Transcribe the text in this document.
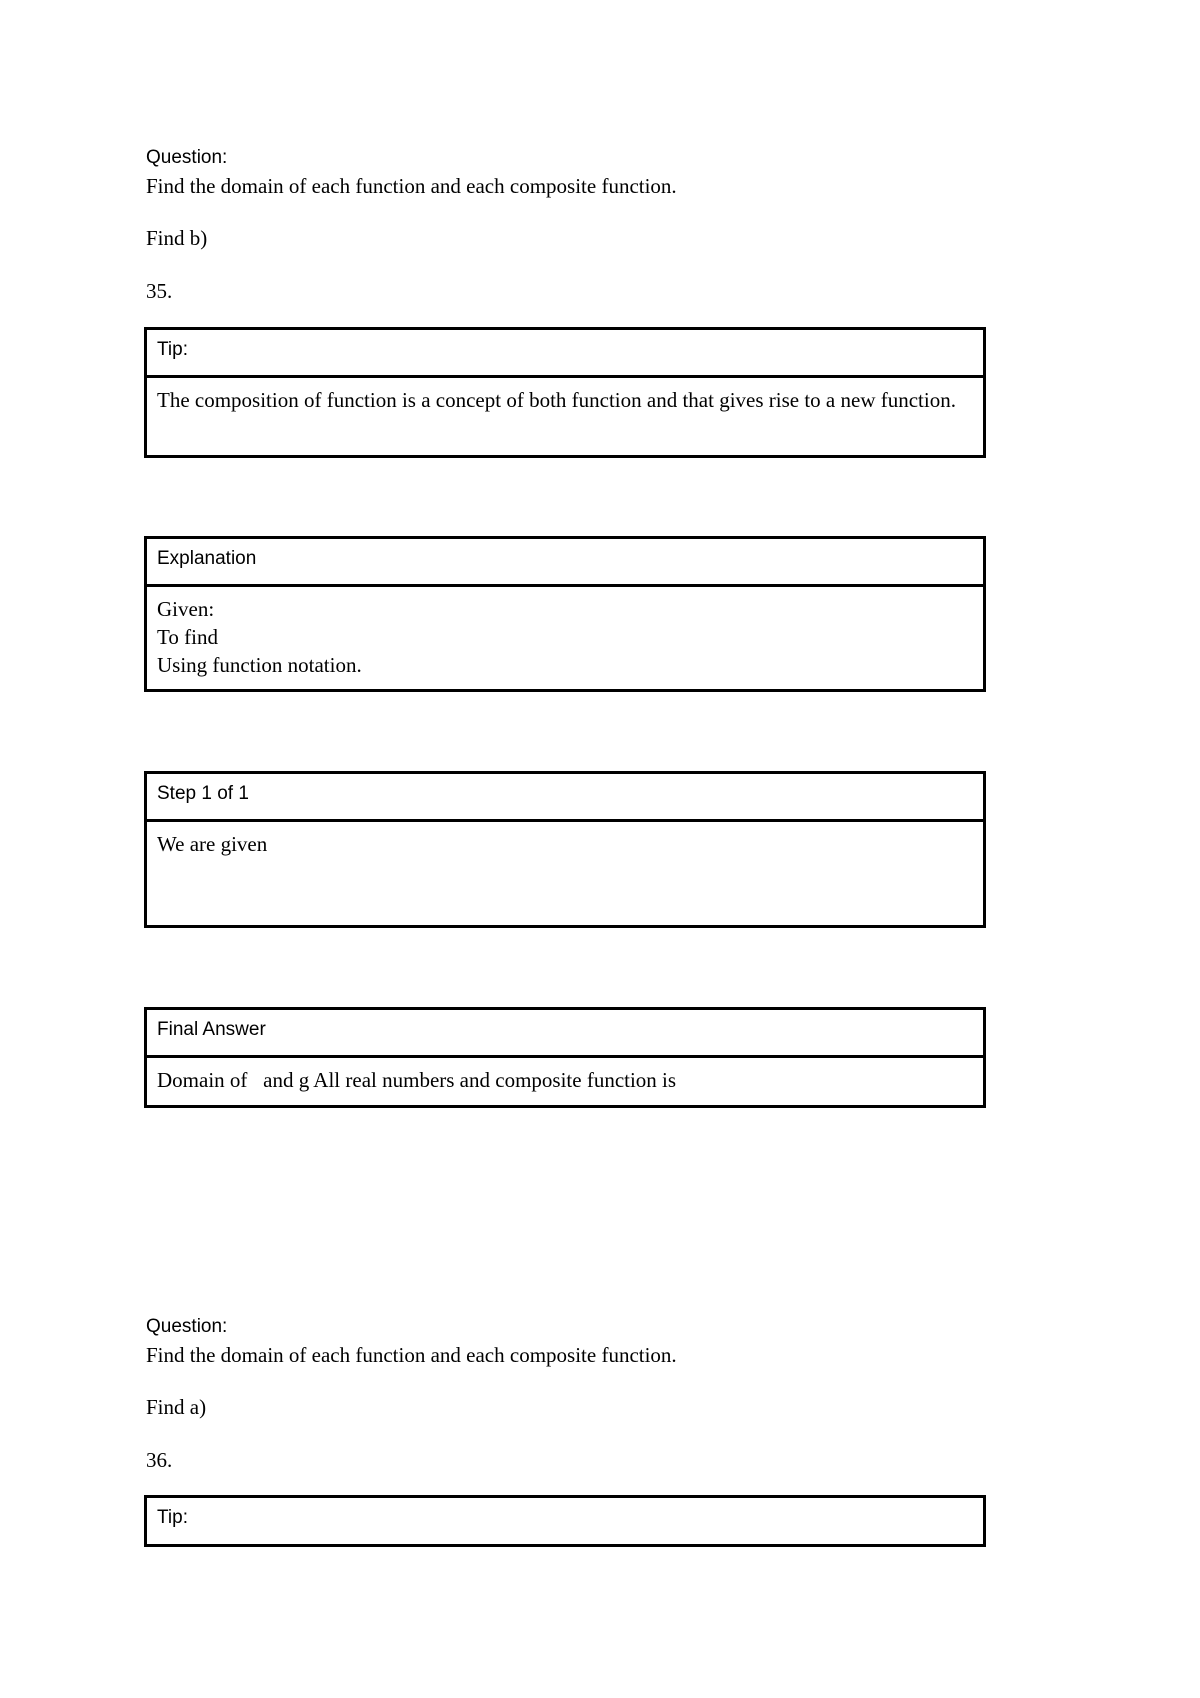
Question:
Find the domain of each function and each composite function.
Find b)
35.
Tip:
The composition of function is a concept of both function and that gives rise to a new function.
Explanation
Given:
To find
Using function notation.
Step 1 of 1
We are given
Final Answer
Domain of   and g All real numbers and composite function is
Question:
Find the domain of each function and each composite function.
Find a)
36.
Tip:
